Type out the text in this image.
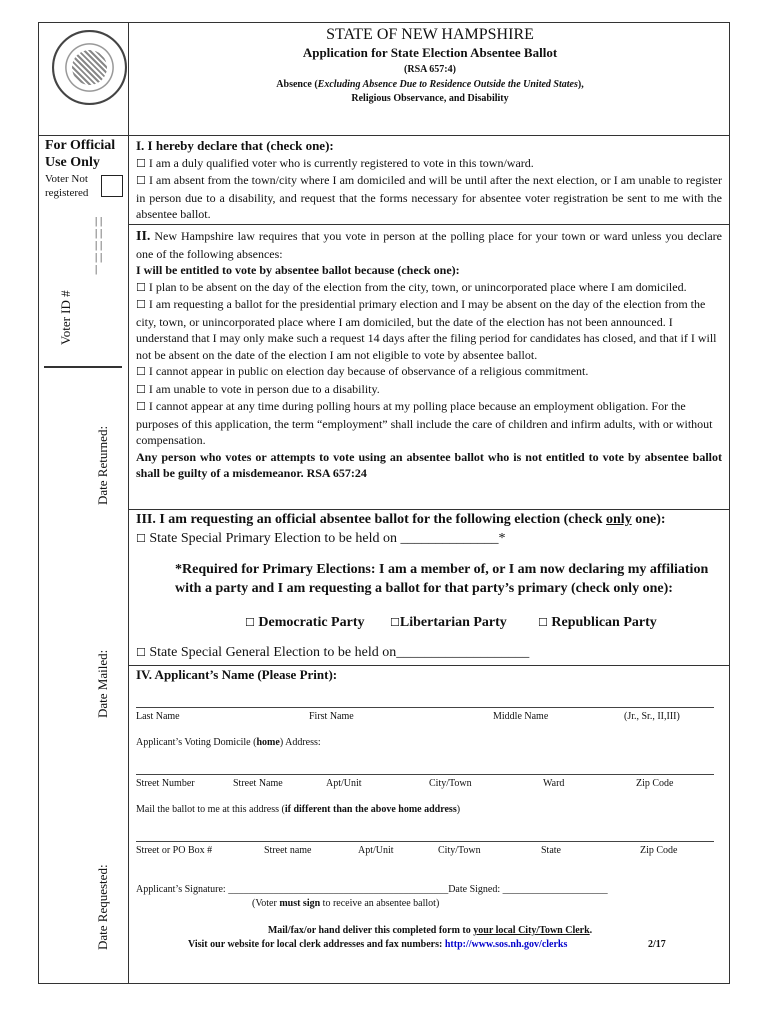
STATE OF NEW HAMPSHIRE
Application for State Election Absentee Ballot
(RSA 657:4)
Absence (Excluding Absence Due to Residence Outside the United States),
Religious Observance, and Disability
For Official Use Only
Voter Not
registered
Voter ID #
| | | | | | | | |
Date Returned:
Date Mailed:
Date Requested:
I. I hereby declare that (check one):
☐ I am a duly qualified voter who is currently registered to vote in this town/ward.
☐ I am absent from the town/city where I am domiciled and will be until after the next election, or I am unable to register in person due to a disability, and request that the forms necessary for absentee voter registration be sent to me with the absentee ballot.
II. New Hampshire law requires that you vote in person at the polling place for your town or ward unless you declare one of the following absences:
I will be entitled to vote by absentee ballot because (check one):
☐ I plan to be absent on the day of the election from the city, town, or unincorporated place where I am domiciled.
☐ I am requesting a ballot for the presidential primary election and I may be absent on the day of the election from the city, town, or unincorporated place where I am domiciled, but the date of the election has not been announced. I understand that I may only make such a request 14 days after the filing period for candidates has closed, and that if I will not be absent on the date of the election I am not eligible to vote by absentee ballot.
☐ I cannot appear in public on election day because of observance of a religious commitment.
☐ I am unable to vote in person due to a disability.
☐ I cannot appear at any time during polling hours at my polling place because an employment obligation. For the purposes of this application, the term “employment” shall include the care of children and infirm adults, with or without compensation.
Any person who votes or attempts to vote using an absentee ballot who is not entitled to vote by absentee ballot shall be guilty of a misdemeanor. RSA 657:24
III. I am requesting an official absentee ballot for the following election (check only one):
☐ State Special Primary Election to be held on ______________*
*Required for Primary Elections: I am a member of, or I am now declaring my affiliation with a party and I am requesting a ballot for that party’s primary (check only one):
☐ Democratic Party ☐Libertarian Party	☐ Republican Party
☐ State Special General Election to be held on___________________
IV. Applicant’s Name (Please Print):
Last Name	First Name	Middle Name	(Jr., Sr., II,III)
Applicant’s Voting Domicile (home) Address:
Street Number	Street Name	Apt/Unit	City/Town	Ward	Zip Code
Mail the ballot to me at this address (if different than the above home address)
Street or PO Box #	Street name	Apt/Unit	City/Town	State	Zip Code
Applicant’s Signature: ____________________________________________Date Signed: _____________________
(Voter must sign to receive an absentee ballot)
Mail/fax/or hand deliver this completed form to your local City/Town Clerk.
Visit our website for local clerk addresses and fax numbers: http://www.sos.nh.gov/clerks	2/17
